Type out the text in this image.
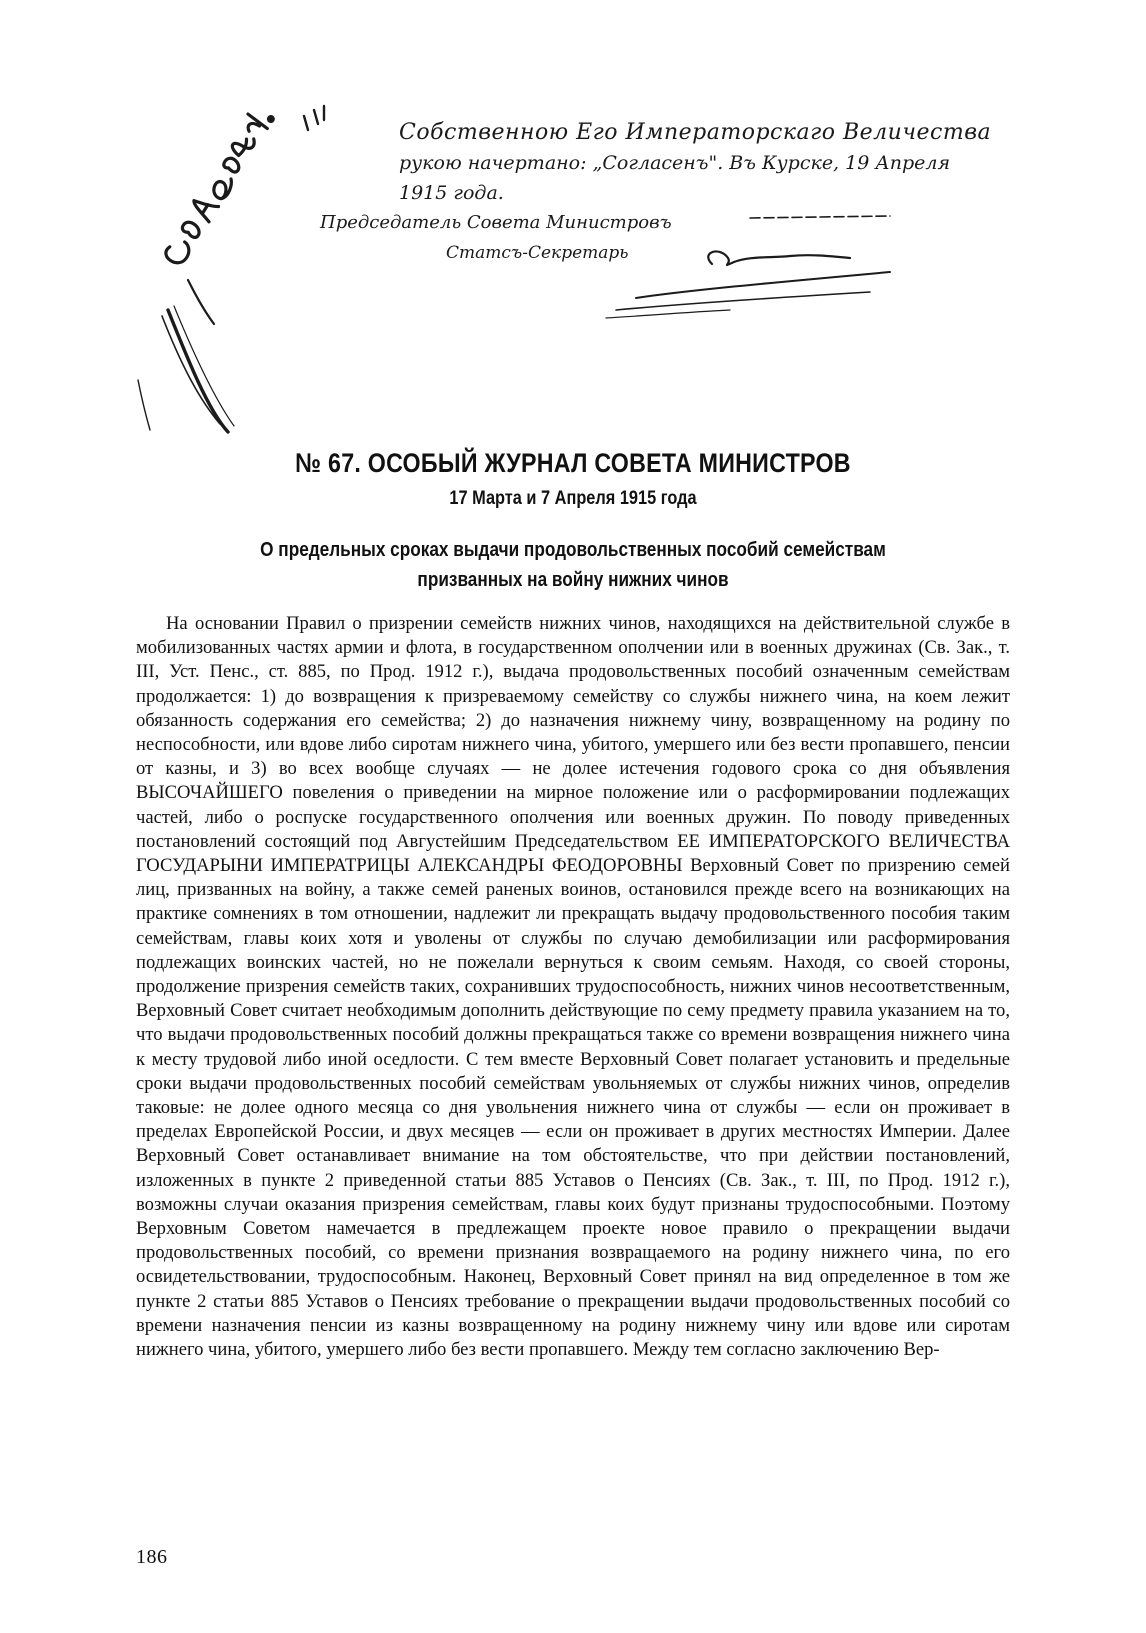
Собственною Его Императорскаго Величества
рукою начертано: „Согласенъ". Въ Курске, 19 Апреля
1915 года.
Председатель Совета Министровъ
Статсъ-Секретарь
№ 67. ОСОБЫЙ ЖУРНАЛ СОВЕТА МИНИСТРОВ
17 Марта и 7 Апреля 1915 года
О предельных сроках выдачи продовольственных пособий семействам
призванных на войну нижних чинов
На основании Правил о призрении семейств нижних чинов, находящихся на действительной службе в мобилизованных частях армии и флота, в государственном ополчении или в военных дружинах (Св. Зак., т. III, Уст. Пенс., ст. 885, по Прод. 1912 г.), выдача продовольственных пособий означенным семействам продолжается: 1) до возвращения к призреваемому семейству со службы нижнего чина, на коем лежит обязанность содержания его семейства; 2) до назначения нижнему чину, возвращенному на родину по неспособности, или вдове либо сиротам нижнего чина, убитого, умершего или без вести пропавшего, пенсии от казны, и 3) во всех вообще случаях — не долее истечения годового срока со дня объявления ВЫСОЧАЙШЕГО повеления о приведении на мирное положение или о расформировании подлежащих частей, либо о роспуске государственного ополчения или военных дружин. По поводу приведенных постановлений состоящий под Августейшим Председательством ЕЕ ИМПЕРАТОРСКОГО ВЕЛИЧЕСТВА ГОСУДАРЫНИ ИМПЕРАТРИЦЫ АЛЕКСАНДРЫ ФЕОДОРОВНЫ Верховный Совет по призрению семей лиц, призванных на войну, а также семей раненых воинов, остановился прежде всего на возникающих на практике сомнениях в том отношении, надлежит ли прекращать выдачу продовольственного пособия таким семействам, главы коих хотя и уволены от службы по случаю демобилизации или расформирования подлежащих воинских частей, но не пожелали вернуться к своим семьям. Находя, со своей стороны, продолжение призрения семейств таких, сохранивших трудоспособность, нижних чинов несоответственным, Верховный Совет считает необходимым дополнить действующие по сему предмету правила указанием на то, что выдачи продовольственных пособий должны прекращаться также со времени возвращения нижнего чина к месту трудовой либо иной оседлости. С тем вместе Верховный Совет полагает установить и предельные сроки выдачи продовольственных пособий семействам увольняемых от службы нижних чинов, определив таковые: не долее одного месяца со дня увольнения нижнего чина от службы — если он проживает в пределах Европейской России, и двух месяцев — если он проживает в других местностях Империи. Далее Верховный Совет останавливает внимание на том обстоятельстве, что при действии постановлений, изложенных в пункте 2 приведенной статьи 885 Уставов о Пенсиях (Св. Зак., т. III, по Прод. 1912 г.), возможны случаи оказания призрения семействам, главы коих будут признаны трудоспособными. Поэтому Верховным Советом намечается в предлежащем проекте новое правило о прекращении выдачи продовольственных пособий, со времени признания возвращаемого на родину нижнего чина, по его освидетельствовании, трудоспособным. Наконец, Верховный Совет принял на вид определенное в том же пункте 2 статьи 885 Уставов о Пенсиях требование о прекращении выдачи продовольственных пособий со времени назначения пенсии из казны возвращенному на родину нижнему чину или вдове или сиротам нижнего чина, убитого, умершего либо без вести пропавшего. Между тем согласно заключению Вер-
186
